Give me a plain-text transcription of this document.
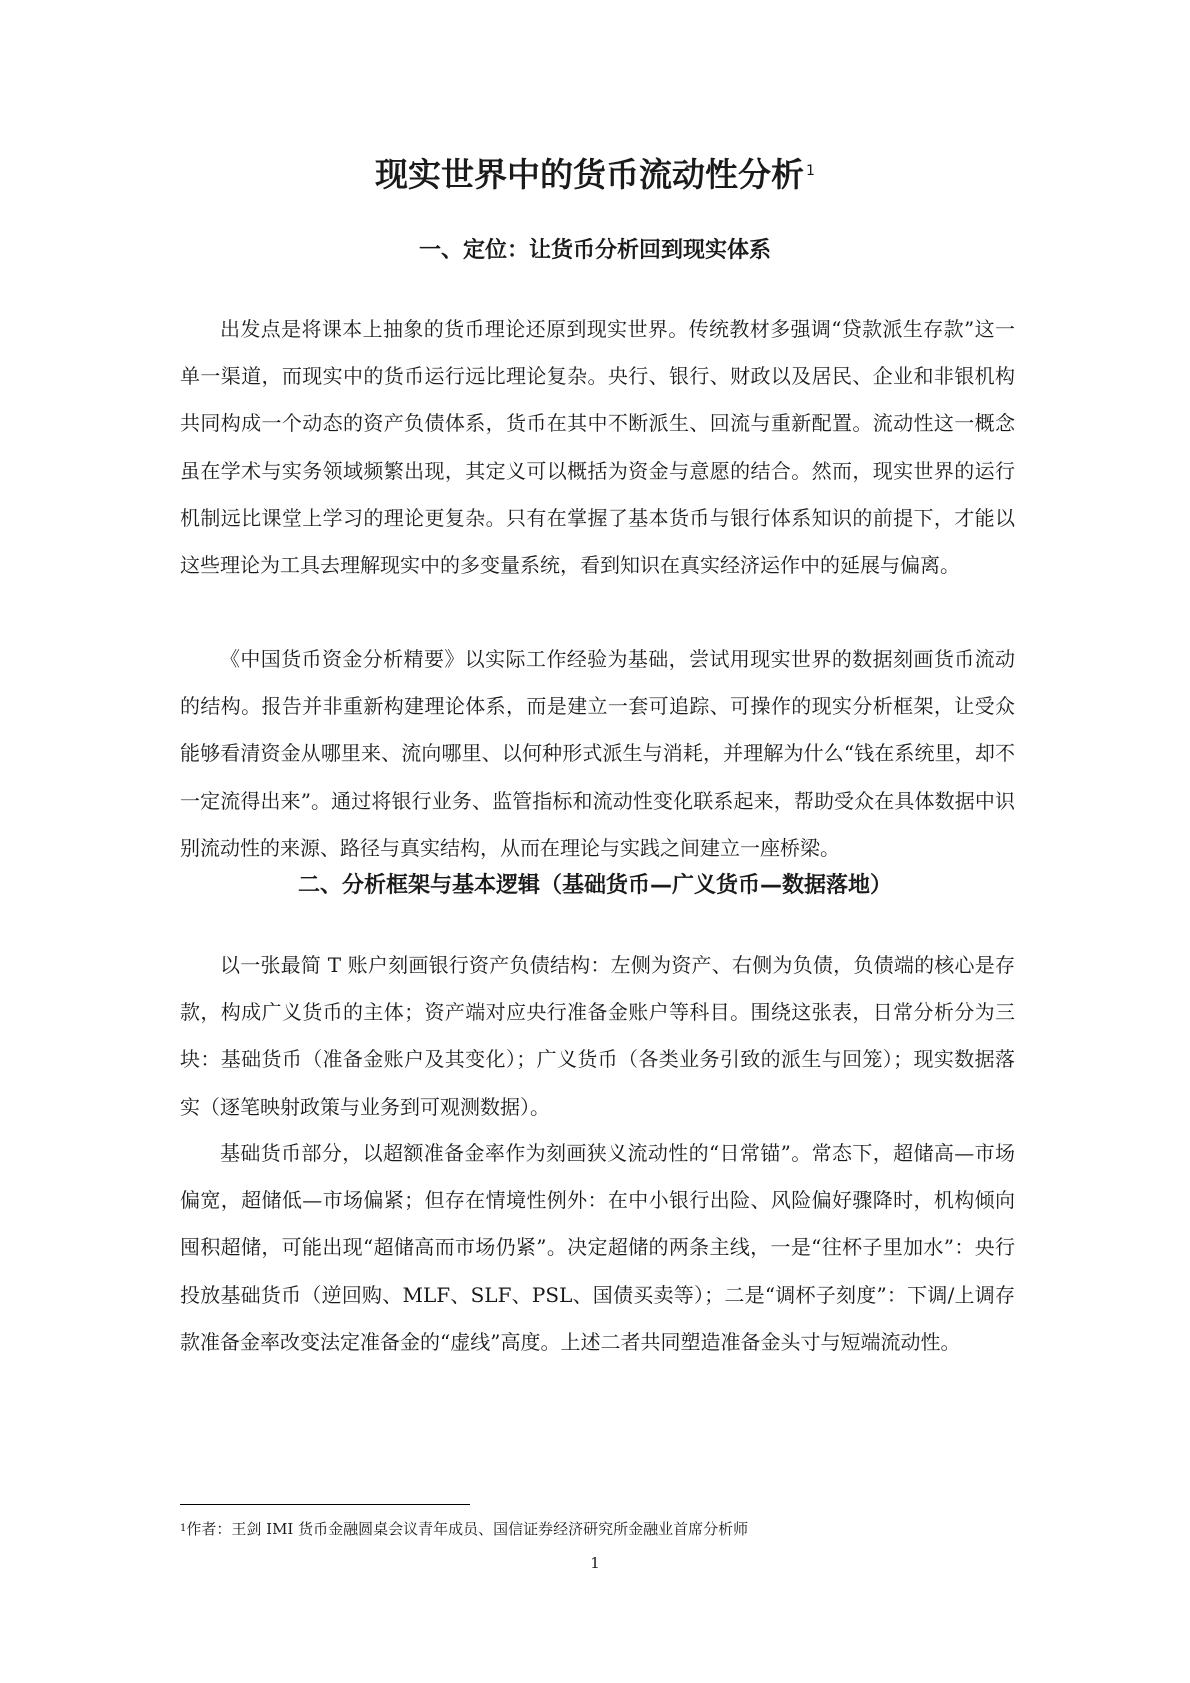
现实世界中的货币流动性分析 $^1$
一、定位：让货币分析回到现实体系

出发点是将课本上抽象的货币理论还原到现实世界。传统教材多强调“贷款派生存款”这一单一渠道，而现实中的货币运行远比理论复杂。央行、银行、财政以及居民、企业和非银机构共同构成一个动态的资产负债体系，货币在其中不断派生、回流与重新配置。流动性这一概念虽在学术与实务领域频繁出现，其定义可以概括为资金与意愿的结合。然而，现实世界的运行机制远比课堂上学习的理论更复杂。只有在掌握了基本货币与银行体系知识的前提下，才能以这些理论为工具去理解现实中的多变量系统，看到知识在真实经济运作中的延展与偏离。

《中国货币资金分析精要》以实际工作经验为基础，尝试用现实世界的数据刻画货币流动的结构。报告并非重新构建理论体系，而是建立一套可追踪、可操作的现实分析框架，让受众能够看清资金从哪里来、流向哪里、以何种形式派生与消耗，并理解为什么“钱在系统里，却不一定流得出来”。通过将银行业务、监管指标和流动性变化联系起来，帮助受众在具体数据中识别流动性的来源、路径与真实结构，从而在理论与实践之间建立一座桥梁。

二、分析框架与基本逻辑（基础货币—广义货币—数据落地）

以一张最简 T 账户刻画银行资产负债结构：左侧为资产、右侧为负债，负债端的核心是存款，构成广义货币的主体；资产端对应央行准备金账户等科目。围绕这张表，日常分析分为三块：基础货币（准备金账户及其变化）；广义货币（各类业务引致的派生与回笼）；现实数据落实（逐笔映射政策与业务到可观测数据）。

基础货币部分，以超额准备金率作为刻画狭义流动性的“日常锚”。常态下，超储高—市场偏宽，超储低—市场偏紧；但存在情境性例外：在中小银行出险、风险偏好骤降时，机构倾向囤积超储，可能出现“超储高而市场仍紧”。决定超储的两条主线，一是“往杯子里加水”：央行投放基础货币（逆回购、MLF、SLF、PSL、国债买卖等）；二是“调杯子刻度”：下调/上调存款准备金率改变法定准备金的“虚线”高度。上述二者共同塑造准备金头寸与短端流动性。

$^1$作者：王剑 IMI 货币金融圆桌会议青年成员、国信证券经济研究所金融业首席分析师

1
